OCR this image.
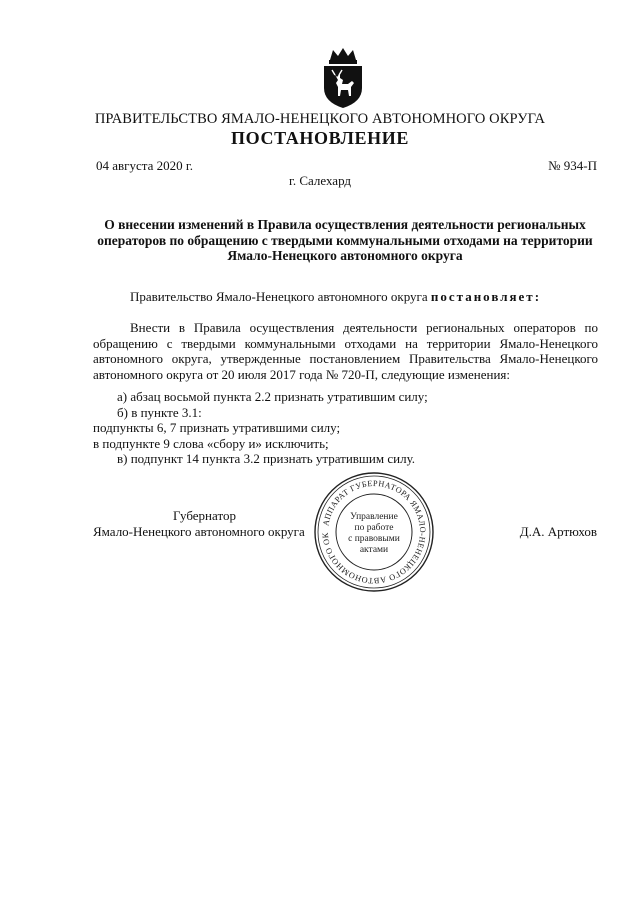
ПРАВИТЕЛЬСТВО ЯМАЛО-НЕНЕЦКОГО АВТОНОМНОГО ОКРУГА
ПОСТАНОВЛЕНИЕ
04 августа 2020 г.	№ 934-П
г. Салехард
О внесении изменений в Правила осуществления деятельности региональных операторов по обращению с твердыми коммунальными отходами на территории Ямало-Ненецкого автономного округа
Правительство Ямало-Ненецкого автономного округа постановляет:
Внести в Правила осуществления деятельности региональных операторов по обращению с твердыми коммунальными отходами на территории Ямало-Ненецкого автономного округа, утвержденные постановлением Правительства Ямало-Ненецкого автономного округа от 20 июля 2017 года № 720-П, следующие изменения:
а) абзац восьмой пункта 2.2 признать утратившим силу;
б) в пункте 3.1:
подпункты 6, 7 признать утратившими силу;
в подпункте 9 слова «сбору и» исключить;
в) подпункт 14 пункта 3.2 признать утратившим силу.
Губернатор
Ямало-Ненецкого автономного округа	Д.А. Артюхов
АППАРАТ ГУБЕРНАТОРА ЯМАЛО-НЕНЕЦКОГО АВТОНОМНОГО ОК
Управление
по работе
с правовыми
актами
